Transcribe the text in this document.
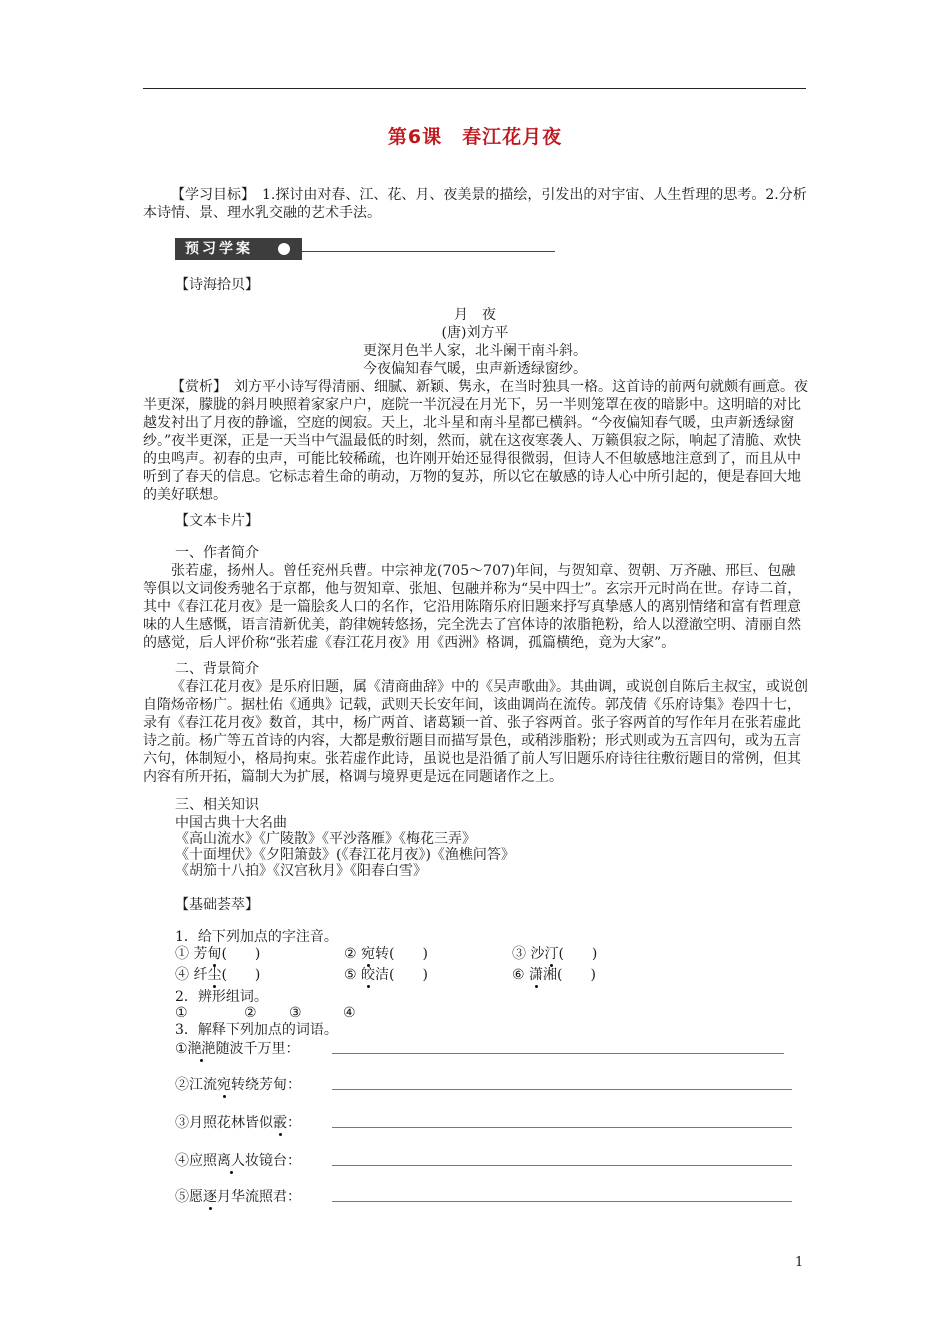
第6课　春江花月夜
【学习目标】　1.探讨由对春、江、花、月、夜美景的描绘，引发出的对宇宙、人生哲理的思考。2.分析本诗情、景、理水乳交融的艺术手法。
预习学案
【诗海拾贝】
月　夜
(唐)刘方平
更深月色半人家，北斗阑干南斗斜。
今夜偏知春气暖，虫声新透绿窗纱。
【赏析】　刘方平小诗写得清丽、细腻、新颖、隽永，在当时独具一格。这首诗的前两句就颇有画意。夜半更深，朦胧的斜月映照着家家户户，庭院一半沉浸在月光下，另一半则笼罩在夜的暗影中。这明暗的对比越发衬出了月夜的静谧，空庭的阒寂。天上，北斗星和南斗星都已横斜。“今夜偏知春气暖，虫声新透绿窗纱。”夜半更深，正是一天当中气温最低的时刻，然而，就在这夜寒袭人、万籁俱寂之际，响起了清脆、欢快的虫鸣声。初春的虫声，可能比较稀疏，也许刚开始还显得很微弱，但诗人不但敏感地注意到了，而且从中听到了春天的信息。它标志着生命的萌动，万物的复苏，所以它在敏感的诗人心中所引起的，便是春回大地的美好联想。
【文本卡片】
一、作者简介
张若虚，扬州人。曾任兖州兵曹。中宗神龙(705～707)年间，与贺知章、贺朝、万齐融、邢巨、包融等俱以文词俊秀驰名于京都，他与贺知章、张旭、包融并称为“吴中四士”。玄宗开元时尚在世。存诗二首，其中《春江花月夜》是一篇脍炙人口的名作，它沿用陈隋乐府旧题来抒写真挚感人的离别情绪和富有哲理意味的人生感慨，语言清新优美，韵律婉转悠扬，完全洗去了宫体诗的浓脂艳粉，给人以澄澈空明、清丽自然的感觉，后人评价称“张若虚《春江花月夜》用《西洲》格调，孤篇横绝，竟为大家”。
二、背景简介
《春江花月夜》是乐府旧题，属《清商曲辞》中的《吴声歌曲》。其曲调，或说创自陈后主叔宝，或说创自隋炀帝杨广。据杜佑《通典》记载，武则天长安年间，该曲调尚在流传。郭茂倩《乐府诗集》卷四十七，录有《春江花月夜》数首，其中，杨广两首、诸葛颖一首、张子容两首。张子容两首的写作年月在张若虚此诗之前。杨广等五首诗的内容，大都是敷衍题目而描写景色，或稍涉脂粉；形式则或为五言四句，或为五言六句，体制短小，格局拘束。张若虚作此诗，虽说也是沿循了前人写旧题乐府诗往往敷衍题目的常例，但其内容有所开拓，篇制大为扩展，格调与境界更是远在同题诸作之上。
三、相关知识
中国古典十大名曲
《高山流水》《广陵散》《平沙落雁》《梅花三弄》
《十面埋伏》《夕阳箫鼓》(《春江花月夜》)《渔樵问答》
《胡笳十八拍》《汉宫秋月》《阳春白雪》
【基础荟萃】
1．给下列加点的字注音。
① 芳甸(　　)	② 宛转(　　)	③ 沙汀(　　)
④ 纤尘(　　)	⑤ 皎洁(　　)	⑥ 潇湘(　　)
2．辨形组词。
①	② ③	④
3．解释下列加点的词语。
①滟滟随波千万里：
②江流宛转绕芳甸：
③月照花林皆似霰：
④应照离人妆镜台：
⑤愿逐月华流照君：
1
